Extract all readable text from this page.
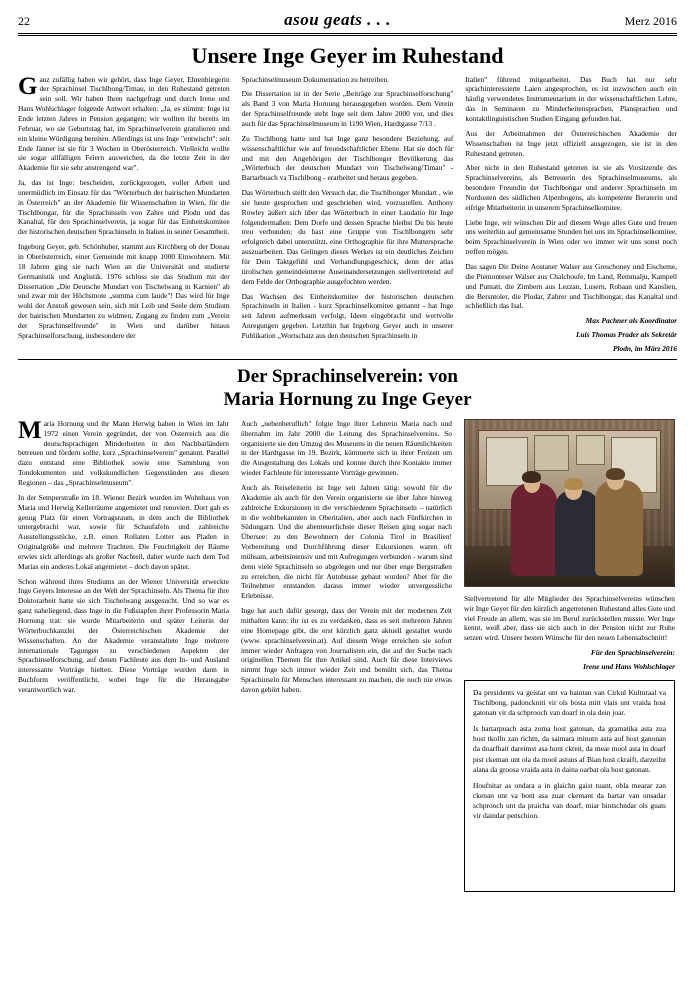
22	asou geats . . .	Merz 2016
Unsere Inge Geyer im Ruhestand

Ganz zufällig haben wir gehört, dass Inge Geyer, Ehrenbürgerin der Sprachinsel Tischlbong/Timau, in den Ruhestand getreten sein soll. Wir haben Ihren nachgefragt und durch Irene und Hans Wohlschlager folgende Antwort erhalten: „Ja, es stimmt: Inge ist Ende letzten Jahres in Pension gegangen; wir wollten ihr bereits im Februar, wo sie Geburtstag hat, im Sprachinselverein gratulieren und ein kleine Würdigung bereiten. Allerdings ist uns Inge "entwischt": seit Ende Jänner ist sie für 3 Wochen in Oberösterreich. Vielleicht wollte sie sogar allfälligen Feiern ausweichen, da die letzte Zeit in der Akademie für sie sehr anstrengend war".

Ja, das ist Inge: bescheiden, zurückgezogen, voller Arbeit und unermüdlich im Einsatz für das "Wörterbuch der bairischen Mundarten in Österreich" an der Akademie für Wissenschaften in Wien, für die Tischlbongar, für die Sprachinseln von Zahre und Plodn und das Kanaltal, für den Sprachinselverein, ja sogar für das Einheitskomitee der historischen deutschen Sprachinseln in Italien in seiner Gesamtheit.

Ingeborg Geyer, geb. Schönhuber, stammt aus Kirchberg ob der Donau in Oberösterreich, einer Gemeinde mit knapp 1000 Einwohnern. Mit 18 Jahren ging sie nach Wien an die Universität und studierte Germanistik und Anglistik. 1976 schloss sie das Studium mit der Dissertation „Die Deutsche Mundart von Tischelwang in Karnien" ab und zwar mit der Höchstnote „summa cum laude"! Das wird für Inge wohl der Anstoß gewesen sein, sich mit Leib und Seele dem Studium der bairischen Mundarten zu widmen, Zugang zu finden zum „Verein der Sprachinselfreunde" in Wien und darüber hinaus Sprachinselforschung, insbesondere der

Sprachinselmuseum Dokumentation zu betreiben.

Die Dissertation ist in der Serie „Beiträge zur Sprachinselforschung" als Band 3 von Maria Hornung herausgegeben worden. Dem Verein der Sprachinselfreunde steht Inge seit dem Jahre 2000 vor, und dies auch für das Sprachinselmuseum in 1190 Wien, Hardtgasse 7/13 .

Zu Tischlbong hatte und hat Inge ganz besondere Beziehung, auf wissenschaftlicher wie auf freundschaftlicher Ebene. Hat sie doch für und mit den Angehörigen der Tischlbonger Bevölkerung das „Wörterbuch der deutschen Mundart von Tischelwang/Timau" - Bartarbuach va Tischlbong - erarbeitet und heraus gegeben.

Das Wörterbuch stellt den Versuch dar, die Tischlbonger Mundart , wie sie heute gesprochen und geschrieben wird, vorzustellen. Anthony Rowley äußert sich über das Wörterbuch in einer Laudatio für Inge folgendermaßen: Dem Dorfe und dessen Sprache bleibst Du bis heute treu verbunden; du hast eine Gruppe von Tischlbongern sehr erfolgreich dabei unterstützt, eine Orthographie für ihre Muttersprache auszuarbeiten. Das Gelingen dieses Werkes ist ein deutliches Zeichen für Dein Taktgefühl und Verhandlungsgeschick, denn der atlas tirolischen gemeindeinterne Auseinandersetzungen stellvertretend auf dem Felde der Orthographie ausgefochten werden.

Das Wachsen des Einheitskomitee der historischen deutschen Sprachinseln in Italien - kurz Sprachinselkomitee genannt - hat Inge seit Jahren aufmerksam verfolgt, Ideen eingebracht und wertvolle Anregungen gegeben. Letzthin hat Ingeborg Geyer auch in unserer Publikation „Wortschatz aus den deutschen Sprachinseln in

Italien" führend mitgearbeitet. Das Buch hat nur sehr sprachinteressierte Laien angesprochen, es ist inzwischen auch ein häufig verwendetes Instrumentarium in der wissenschaftlichen Lehre, das in Seminaren zu Minderheitensprachen, Plansprachen und kontaktlinguistischen Studien Eingang gefunden hat.

Aus der Arbeitnahmen der Österreichischen Akademie der Wissenschaften ist Inge jetzt offiziell ausgezogen, sie ist in den Ruhestand getreten.

Aber nicht in den Ruhestand getreten ist sie als Vorsitzende des Sprachinselvereins, als Betreuerin des Sprachinselmuseums, als besondere Freundin der Tischlbongar und anderer Sprachinseln im Nordosten des südlichen Alpenbogens, als kompetente Beraterin und eifrige Mitarbeiterin in unserem Sprachinselkomitee.

Liebe Inge, wir wünschen Dir auf diesem Wege alles Gute und freuen uns weiterhin auf gemeinsame Stunden bei uns im Sprachinselkomitee, beim Sprachinselverein in Wien oder wo immer wir uns sonst noch treffen mögen.

Das sagen Dir Deine Aostaner Walser aus Greschoney und Eischeme, die Piemonteser Walser aus Chalchoufe, Im Land, Remmalju, Kampell und Pumatt, die Zimbern aus Lezzan, Lusern, Robaan und Kanslien, die Bersntoler, die Plodar, Zahrer und Tischlbongar, das Kanaltal und schließlich das Isal.

Max Pachner als Koordinator

Luis Thomas Prader als Sekretär

Plodn, im März 2016

Der Sprachinselverein: von
Maria Hornung zu Inge Geyer

Maria Hornung und ihr Mann Herwig haben in Wien im Jahr 1972 einen Verein gegründet, der von Österreich aus die deutschsprachigen Minderheiten in den Nachbarländern betreuen und fördern sollte, kurz „Sprachinselverein" genannt. Parallel dazu entstand eine Bibliothek sowie eine Sammlung von Tondokumenten und volkskundlichen Gegenständen aus diesen Regionen – das „Sprachinselmuseum".

In der Semperstraße im 18. Wiener Bezirk wurden im Wohnhaus von Maria und Herwig Kellerräume angemietet und renoviert. Dort gab es genug Platz für einen Vortragsraum, in dem auch die Bibliothek untergebracht war, sowie für Schaufafeln und zahlreiche Ausstellungsstücke, z.B. einen Rollaten Lotter aus Pladen in Originalgröße und mehrere Trachten. Die Feuchtigkeit der Räume erwies sich allerdings als großer Nachteil, daher wurde nach dem Tod Marias ein anderes Lokal angemietet – doch davon später.

Schon während ihres Studiums an der Wiener Universität erweckte Inge Geyers Interesse an der Welt der Sprachinseln. Als Thema für ihre Doktorarbeit hatte sie sich Tischelwang ausgesucht. Und so war es ganz naheliegend, dass Inge in die Fußstapfen ihrer Professorin Maria Hornung trat: sie wurde Mitarbeiterin und später Leiterin der Wörterbuchkanzlei der Österreichischen Akademie der Wissenschaften. An der Akademie veranstaltete Inge mehrere internationale Tagungen zu verschiedenen Aspekten der Sprachinselforschung, auf denen Fachleute aus dem In- und Ausland interessante Vorträge hielten. Diese Vorträge wurden dann in Buchform veröffentlicht, wobei Inge für die Herausgabe verantwortlich war.

Auch „nebenberuflich" folgte Inge ihrer Lehrerin Maria nach und übernahm im Jahr 2000 die Leitung des Sprachinselvereins. So organisierte sie den Umzug des Museums in die neuen Räumlichkeiten in der Hardtgasse im 19. Bezirk, kümmerte sich in ihrer Freizeit um die Ausgestaltung des Lokals und konnte durch ihre Kontakte immer wieder Fachleute für interessante Vorträge gewinnen.

Auch als Reiseleiterin ist Inge seit Jahren tätig: sowohl für die Akademie als auch für den Verein organisierte sie über Jahre hinweg zahlreiche Exkursionen in die verschiedenen Sprachinseln – natürlich in die wohlbekannten in Oberitalien, aber auch nach Fünfkirchen in Südungarn. Und die abenteuerlichste dieser Reisen ging sogar nach Übersee: zu den Bewohnern der Colonia Tirol in Brasilien! Vorbereitung und Durchführung dieser Exkursionen waren oft mühsam, arbeitsintensiv und mit Aufregungen verbunden - warum sind denn viele Sprachinseln so abgelegen und nur über enge Bergstraßen zu erreichen, die nicht für Autobusse gebaut wurden? Aber für die Teilnehmer entstanden daraus immer wieder unvergessliche Erlebnisse.

Inge hat auch dafür gesorgt, dass der Verein mit der modernen Zeit mithalten kann: ihr ist es zu verdanken, dass es seit mehreren Jahren eine Homepage gibt, die erst kürzlich ganz aktuell gestaltet wurde (www. sprachinselverein.at). Auf diesem Wege erreichen sie sofort immer wieder Anfragen von Journalisten ein, die auf der Suche nach originellen Themen für ihre Artikel sind. Auch für diese Interviews nimmt Inge sich immer wieder Zeit und bemüht sich, das Thema Sprachinseln für Menschen interessant zu machen, die noch nie etwas davon gehört haben.

Stellvertretend für alle Mitglieder des Sprachinselvereins wünschen wir Inge Geyer für den kürzlich angetretenen Ruhestand alles Gute und viel Freude an allem, was sie im Beruf zurückstellen musste. Wer Inge kennt, weiß aber, dass sie sich auch in der Pension nicht zur Ruhe setzen wird. Unsere besten Wünsche für den neuen Lebensabschnitt!

Für den Sprachinselverein:

Irene und Hans Wohlschlager

Da presidents va geistar unt va haintan van Cirkul Kulturaal va Tischlbong, padonckniti vir ols bosta mitt vlais unt vraida host gatonan vir da schprooch van doarf in ola dein joar.

Is bartarpuach asta zoma host gatonan, da gramatika asta zua host tkolfn zan richtn, da saimara minutn asta auf host ganonan da doarfhait dareimst asa hont ckreit, da mear mool asta in doarf pist ckeman unt ola da mool astuns af Bian host ckraift, darzeilnt alana da groosa vraida asta in daina oarbat ola host gatonan.

Houfnitar as ondara a in glaichn gaist tuant, obla mearar zan ckenan unt va bont asa zuar ckemant da bartar van unsadar schprooch unt da praicha van doarf, miar bintschndar ols guats vir daindar penschion.
